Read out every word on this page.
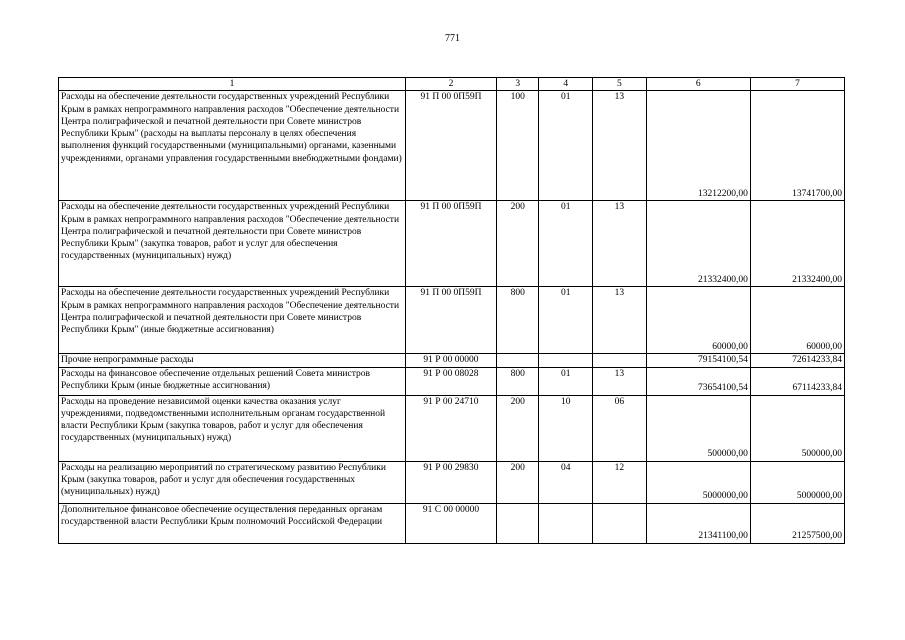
771
1	2	3	4	5	6	7
Расходы на обеспечение деятельности государственных учреждений Республики Крым в рамках непрограммного направления расходов "Обеспечение деятельности Центра полиграфической и печатной деятельности при Совете министров Республики Крым" (расходы на выплаты персоналу в целях обеспечения выполнения функций государственными (муниципальными) органами, казенными учреждениями, органами управления государственными внебюджетными фондами)	91 П 00 0П59П	100	01	13	13212200,00	13741700,00
Расходы на обеспечение деятельности государственных учреждений Республики Крым в рамках непрограммного направления расходов "Обеспечение деятельности Центра полиграфической и печатной деятельности при Совете министров Республики Крым" (закупка товаров, работ и услуг для обеспечения государственных (муниципальных) нужд)	91 П 00 0П59П	200	01	13	21332400,00	21332400,00
Расходы на обеспечение деятельности государственных учреждений Республики Крым в рамках непрограммного направления расходов "Обеспечение деятельности Центра полиграфической и печатной деятельности при Совете министров Республики Крым" (иные бюджетные ассигнования)	91 П 00 0П59П	800	01	13	60000,00	60000,00
Прочие непрограммные расходы	91 Р 00 00000				79154100,54	72614233,84
Расходы на финансовое обеспечение отдельных решений Совета министров Республики Крым (иные бюджетные ассигнования)	91 Р 00 08028	800	01	13	73654100,54	67114233,84
Расходы на проведение независимой оценки качества оказания услуг учреждениями, подведомственными исполнительным органам государственной власти Республики Крым (закупка товаров, работ и услуг для обеспечения государственных (муниципальных) нужд)	91 Р 00 24710	200	10	06	500000,00	500000,00
Расходы на реализацию мероприятий по стратегическому развитию Республики Крым (закупка товаров, работ и услуг для обеспечения государственных (муниципальных) нужд)	91 Р 00 29830	200	04	12	5000000,00	5000000,00
Дополнительное финансовое обеспечение осуществления переданных органам государственной власти Республики Крым полномочий Российской Федерации	91 С 00 00000				21341100,00	21257500,00
